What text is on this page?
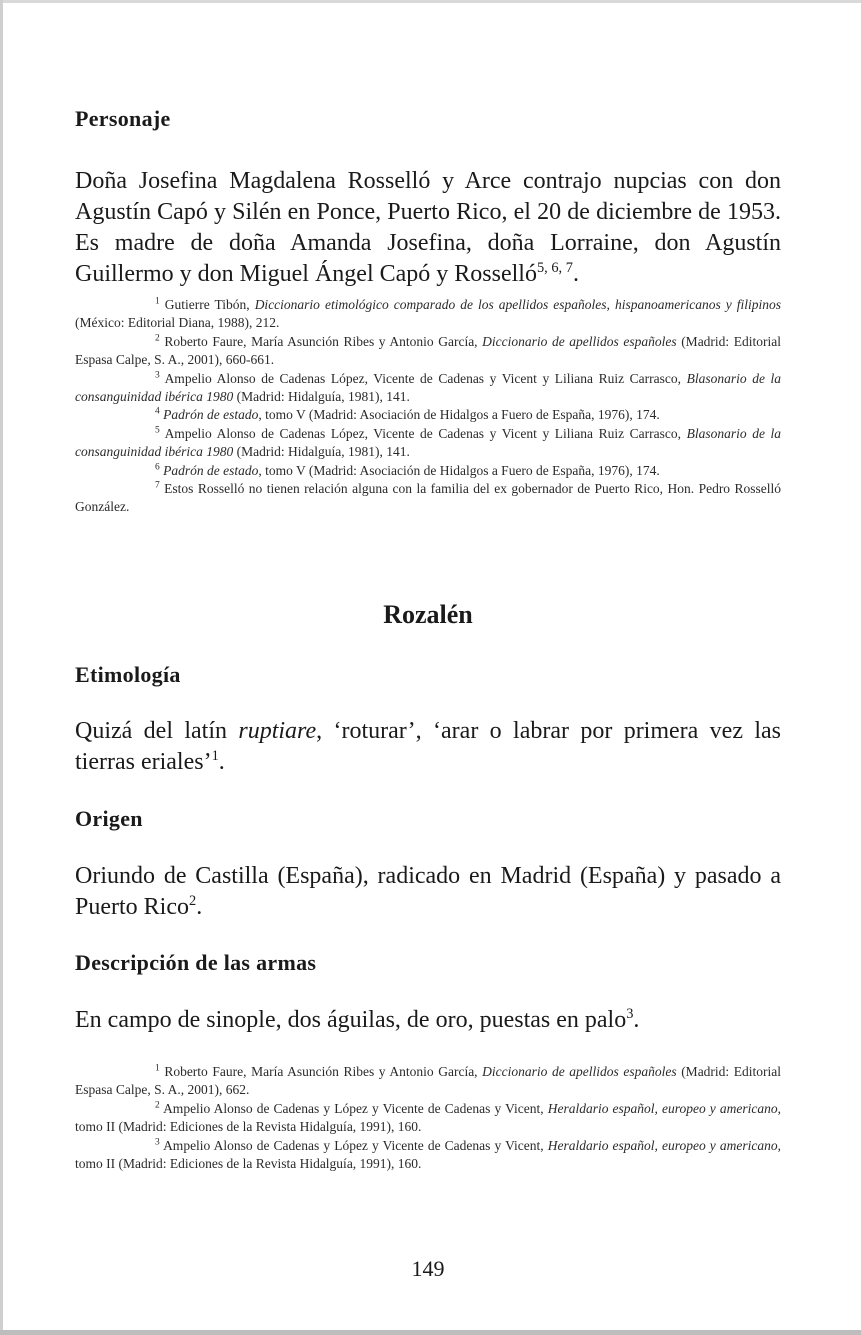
Personaje

Doña Josefina Magdalena Rosselló y Arce contrajo nupcias con don Agustín Capó y Silén en Ponce, Puerto Rico, el 20 de diciembre de 1953. Es madre de doña Amanda Josefina, doña Lorraine, don Agustín Guillermo y don Miguel Ángel Capó y Rosselló$^{5, 6, 7}$.

$^1$ Gutierre Tibón, Diccionario etimológico comparado de los apellidos españoles, hispanoamericanos y filipinos (México: Editorial Diana, 1988), 212.

$^2$ Roberto Faure, María Asunción Ribes y Antonio García, Diccionario de apellidos españoles (Madrid: Editorial Espasa Calpe, S. A., 2001), 660-661.

$^3$ Ampelio Alonso de Cadenas López, Vicente de Cadenas y Vicent y Liliana Ruiz Carrasco, Blasonario de la consanguinidad ibérica 1980 (Madrid: Hidalguía, 1981), 141.

$^4$ Padrón de estado, tomo V (Madrid: Asociación de Hidalgos a Fuero de España, 1976), 174.

$^5$ Ampelio Alonso de Cadenas López, Vicente de Cadenas y Vicent y Liliana Ruiz Carrasco, Blasonario de la consanguinidad ibérica 1980 (Madrid: Hidalguía, 1981), 141.

$^6$ Padrón de estado, tomo V (Madrid: Asociación de Hidalgos a Fuero de España, 1976), 174.

$^7$ Estos Rosselló no tienen relación alguna con la familia del ex gobernador de Puerto Rico, Hon. Pedro Rosselló González.

Rozalén
Etimología

Quizá del latín ruptiare, ‘roturar’, ‘arar o labrar por primera vez las tierras eriales’$^1$.

Origen

Oriundo de Castilla (España), radicado en Madrid (España) y pasado a Puerto Rico$^2$.

Descripción de las armas

En campo de sinople, dos águilas, de oro, puestas en palo$^3$.

$^1$ Roberto Faure, María Asunción Ribes y Antonio García, Diccionario de apellidos españoles (Madrid: Editorial Espasa Calpe, S. A., 2001), 662.

$^2$ Ampelio Alonso de Cadenas y López y Vicente de Cadenas y Vicent, Heraldario español, europeo y americano, tomo II (Madrid: Ediciones de la Revista Hidalguía, 1991), 160.

$^3$ Ampelio Alonso de Cadenas y López y Vicente de Cadenas y Vicent, Heraldario español, europeo y americano, tomo II (Madrid: Ediciones de la Revista Hidalguía, 1991), 160.

149
